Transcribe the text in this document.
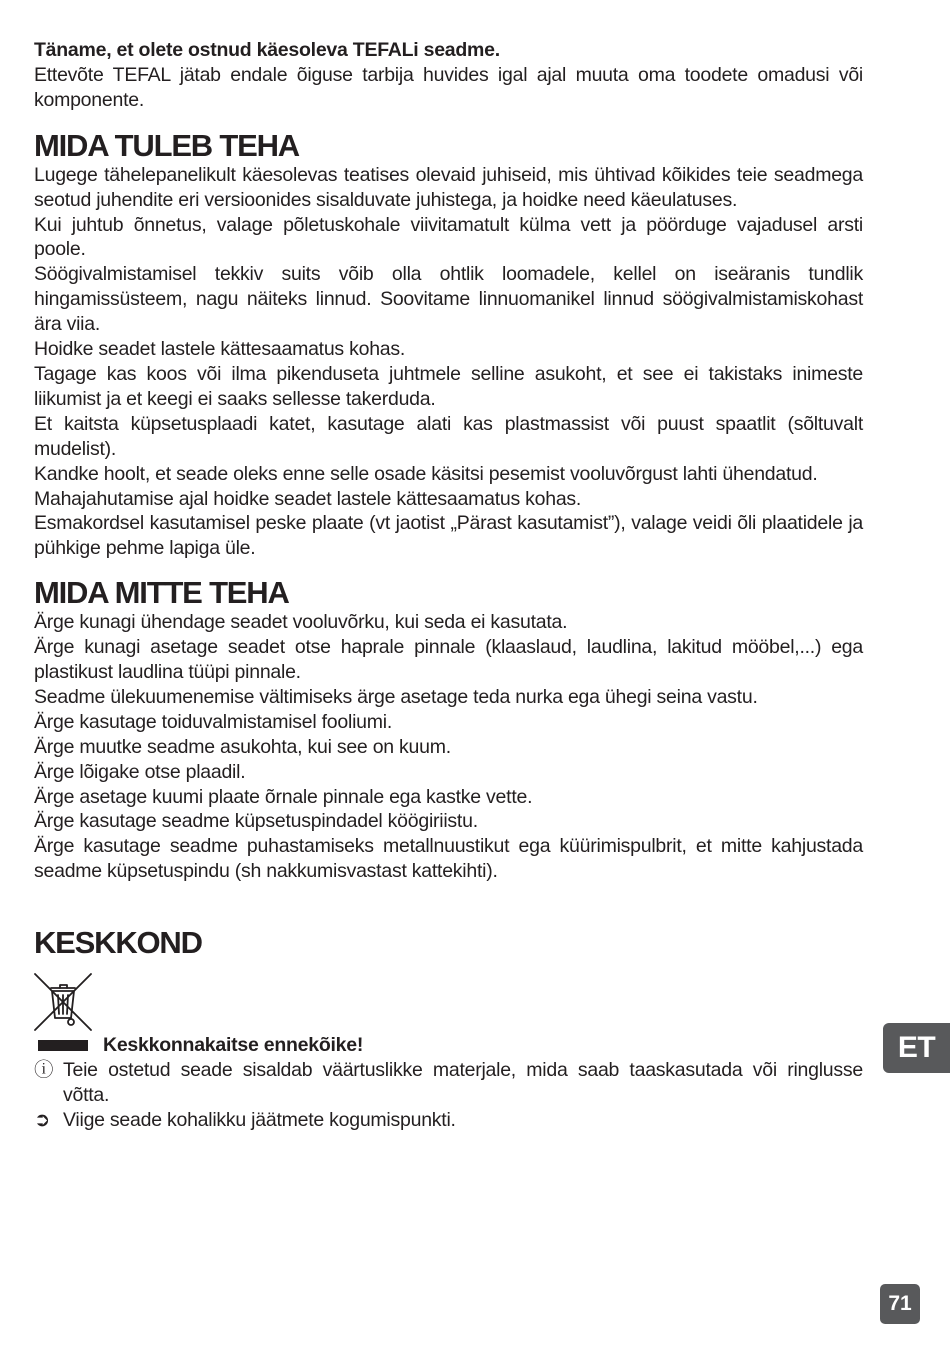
Täname, et olete ostnud käesoleva TEFALi seadme.

Ettevõte TEFAL jätab endale õiguse tarbija huvides igal ajal muuta oma toodete omadusi või komponente.

MIDA TULEB TEHA

Lugege tähelepanelikult käesolevas teatises olevaid juhiseid, mis ühtivad kõikides teie seadmega seotud juhendite eri versioonides sisalduvate juhistega, ja hoidke need käeulatuses.

Kui juhtub õnnetus, valage põletuskohale viivitamatult külma vett ja pöörduge vajadusel arsti poole.

Söögivalmistamisel tekkiv suits võib olla ohtlik loomadele, kellel on iseäranis tundlik hingamissüsteem, nagu näiteks linnud. Soovitame linnuomanikel linnud söögivalmistamiskohast ära viia.

Hoidke seadet lastele kättesaamatus kohas.

Tagage kas koos või ilma pikenduseta juhtmele selline asukoht, et see ei takistaks inimeste liikumist ja et keegi ei saaks sellesse takerduda.

Et kaitsta küpsetusplaadi katet, kasutage alati kas plastmassist või puust spaatlit (sõltuvalt mudelist).

Kandke hoolt, et seade oleks enne selle osade käsitsi pesemist vooluvõrgust lahti ühendatud.

Mahajahutamise ajal hoidke seadet lastele kättesaamatus kohas.

Esmakordsel kasutamisel peske plaate (vt jaotist „Pärast kasutamist”), valage veidi õli plaatidele ja pühkige pehme lapiga üle.

MIDA MITTE TEHA

Ärge kunagi ühendage seadet vooluvõrku, kui seda ei kasutata.

Ärge kunagi asetage seadet otse haprale pinnale (klaaslaud, laudlina, lakitud mööbel,...) ega plastikust laudlina tüüpi pinnale.

Seadme ülekuumenemise vältimiseks ärge asetage teda nurka ega ühegi seina vastu.

Ärge kasutage toiduvalmistamisel fooliumi.

Ärge muutke seadme asukohta, kui see on kuum.

Ärge lõigake otse plaadil.

Ärge asetage kuumi plaate õrnale pinnale ega kastke vette.

Ärge kasutage seadme küpsetuspindadel köögiriistu.

Ärge kasutage seadme puhastamiseks metallnuustikut ega küürimispulbrit, et mitte kahjustada seadme küpsetuspindu (sh nakkumisvastast kattekihti).

KESKKOND
Keskkonnakaitse ennekõike!
ⓘ Teie ostetud seade sisaldab väärtuslikke materjale, mida saab taaskasutada või ringlusse võtta.

➲ Viige seade kohalikku jäätmete kogumispunkti.

ET
71
